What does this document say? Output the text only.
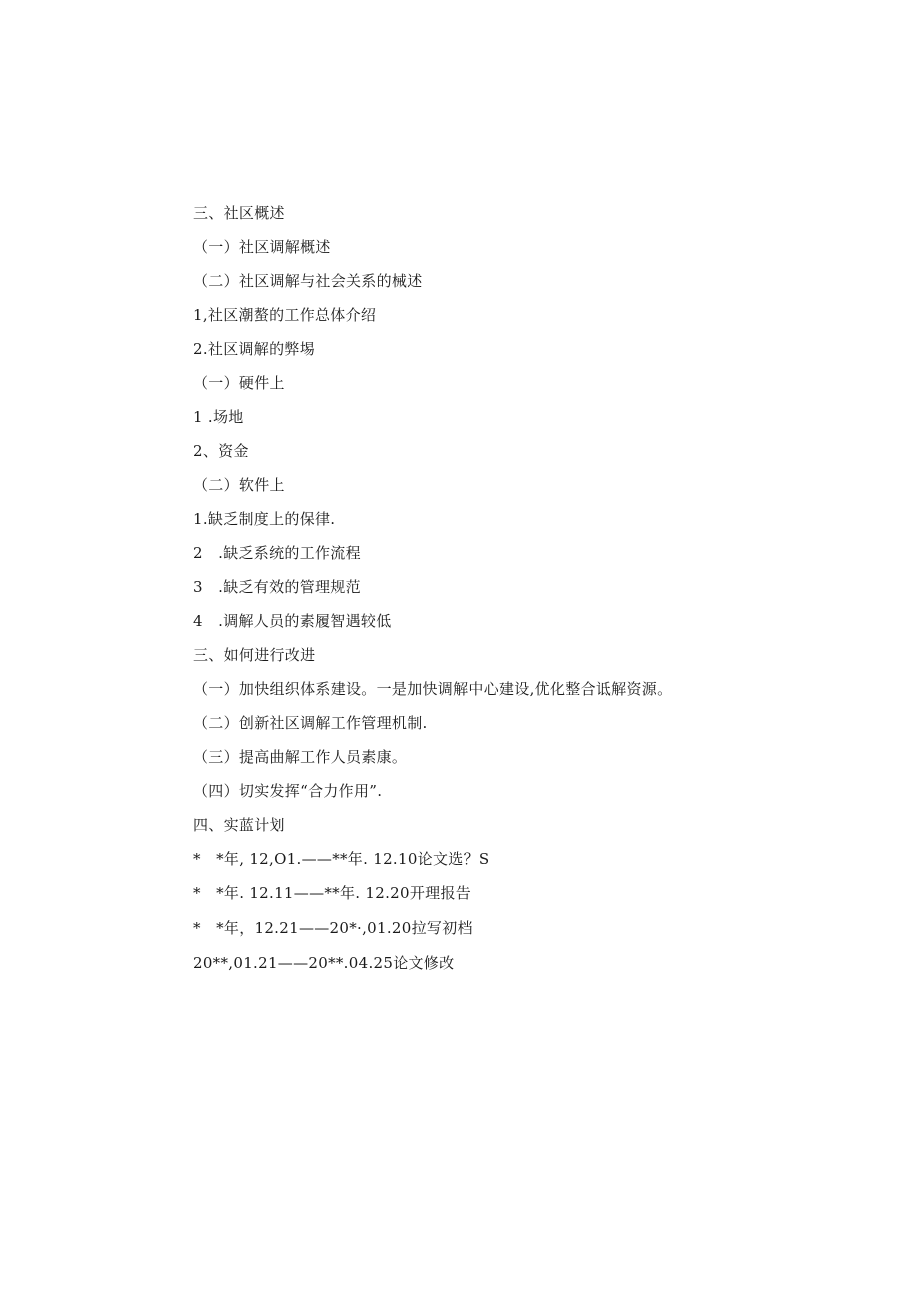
三、社区概述
（一）社区调解概述
（二）社区调解与社会关系的械述
1,社区潮螯的工作总体介绍
2.社区调解的弊埸
（一）硬件上
1 .场地
2、资金
（二）软件上
1.缺乏制度上的保律.
2　.缺乏系统的工作流程
3　.缺乏有效的管理规范
4　.调解人员的素履智遇较低
三、如何进行改进
（一）加快组织体系建设。一是加快调解中心建设,优化整合诋解资源。
（二）创新社区调解工作管理机制.
（三）提高曲解工作人员素康。
（四）切实发挥“合力作用”.
四、实蓝计划
*　*年, 12,O1.——**年. 12.10论文选？S
*　*年. 12.11——**年. 12.20开理报告
*　*年，12.21——20*·,01.20拉写初档
20**,01.21——20**.04.25论文修改
